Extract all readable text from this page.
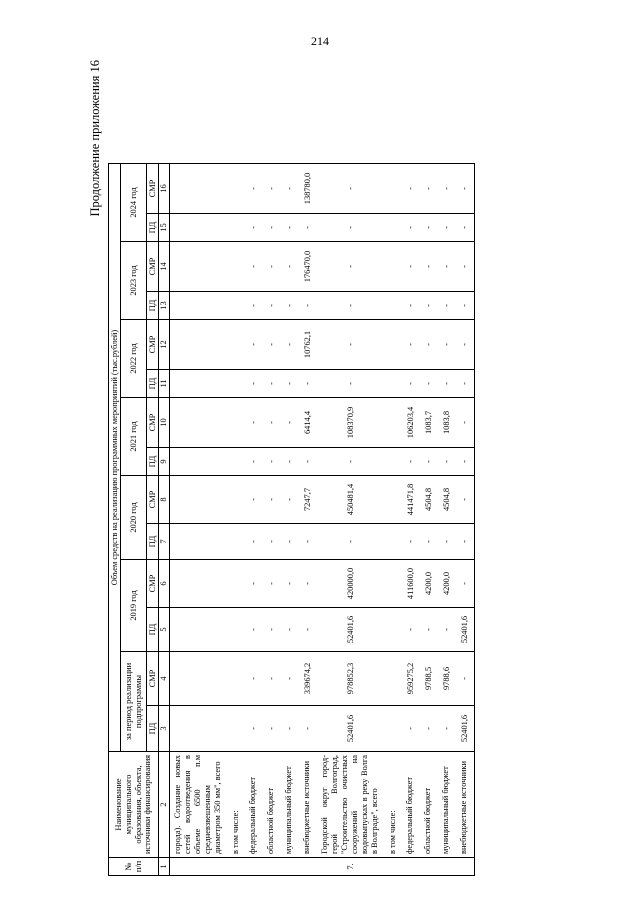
214
Продолжение приложения 16
№ п/п	Наименование муниципального образования, объекта, источники финансирования	Объем средств на реализацию программных мероприятий (тыс.рублей)													
		за период реализации подпрограммы		2019 год		2020 год		2021 год		2022 год		2023 год		2024 год	

		ПД	СМР	ПД	СМР	ПД	СМР	ПД	СМР	ПД	СМР	ПД	СМР	ПД	СМР
1	2	3	4	5	6	7	8	9	10	11	12	13	14	15	16
	города). Создание новых сетей водоотведения в объеме 6500 п.м средневзвешенным диаметром 350 мм", всего														
	в том числе:														
	федеральный бюджет	-	-	-	-	-	-	-	-	-	-	-	-	-	-
	областной бюджет	-	-	-	-	-	-	-	-	-	-	-	-	-	-
	муниципальный бюджет	-	-	-	-	-	-	-	-	-	-	-	-	-	-
	внебюджетные источники	-	339674,2	-	-	-	7247,7	-	6414,4	-	10762,1	-	176470,0	-	138780,0
7.	Городской округ город-герой Волгоград, "Строительство очистных сооружений на водовыпусках в реку Волга в Волграде", всего	52401,6	978852,3	52401,6	420000,0	-	450481,4	-	108370,9	-	-	-	-	-	-
	в том числе:														
	федеральный бюджет	-	959275,2	-	411600,0	-	441471,8	-	106203,4	-	-	-	-	-	-
	областной бюджет	-	9788,5	-	4200,0	-	4504,8	-	1083,7	-	-	-	-	-	-
	муниципальный бюджет	-	9788,6	-	4200,0	-	4504,8	-	1083,8	-	-	-	-	-	-
	внебюджетные источники	52401,6	-	52401,6	-	-	-	-	-	-	-	-	-	-	-
